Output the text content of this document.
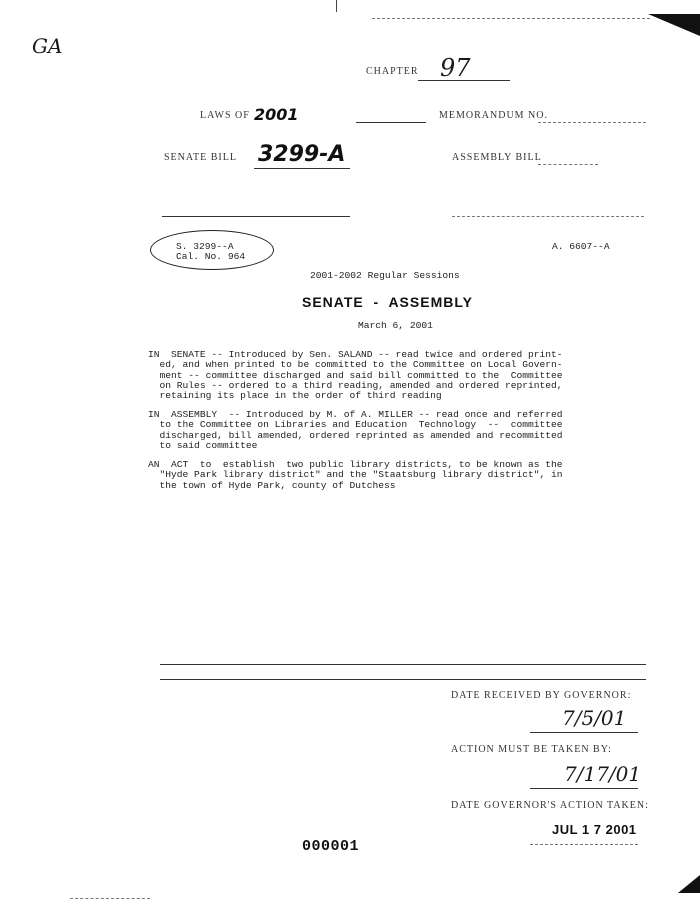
GA
CHAPTER 97
LAWS OF 2001	MEMORANDUM NO.
SENATE BILL 3299-A	ASSEMBLY BILL
S. 3299--A
Cal. No. 964
A. 6607--A
2001-2002 Regular Sessions
SENATE  -  ASSEMBLY
March 6, 2001
IN  SENATE -- Introduced by Sen. SALAND -- read twice and ordered print-
ed, and when printed to be committed to the Committee on Local Govern-
ment -- committee discharged and said bill committed to the  Committee
on Rules -- ordered to a third reading, amended and ordered reprinted,
retaining its place in the order of third reading
IN  ASSEMBLY  -- Introduced by M. of A. MILLER -- read once and referred
to the Committee on Libraries and Education  Technology  --  committee
discharged, bill amended, ordered reprinted as amended and recommitted
to said committee
AN  ACT  to  establish  two public library districts, to be known as the
"Hyde Park library district" and the "Staatsburg library district", in
the town of Hyde Park, county of Dutchess
DATE RECEIVED BY GOVERNOR:
7/5/01
ACTION MUST BE TAKEN BY:
7/17/01
DATE GOVERNOR'S ACTION TAKEN:
JUL 1 7 2001
000001
